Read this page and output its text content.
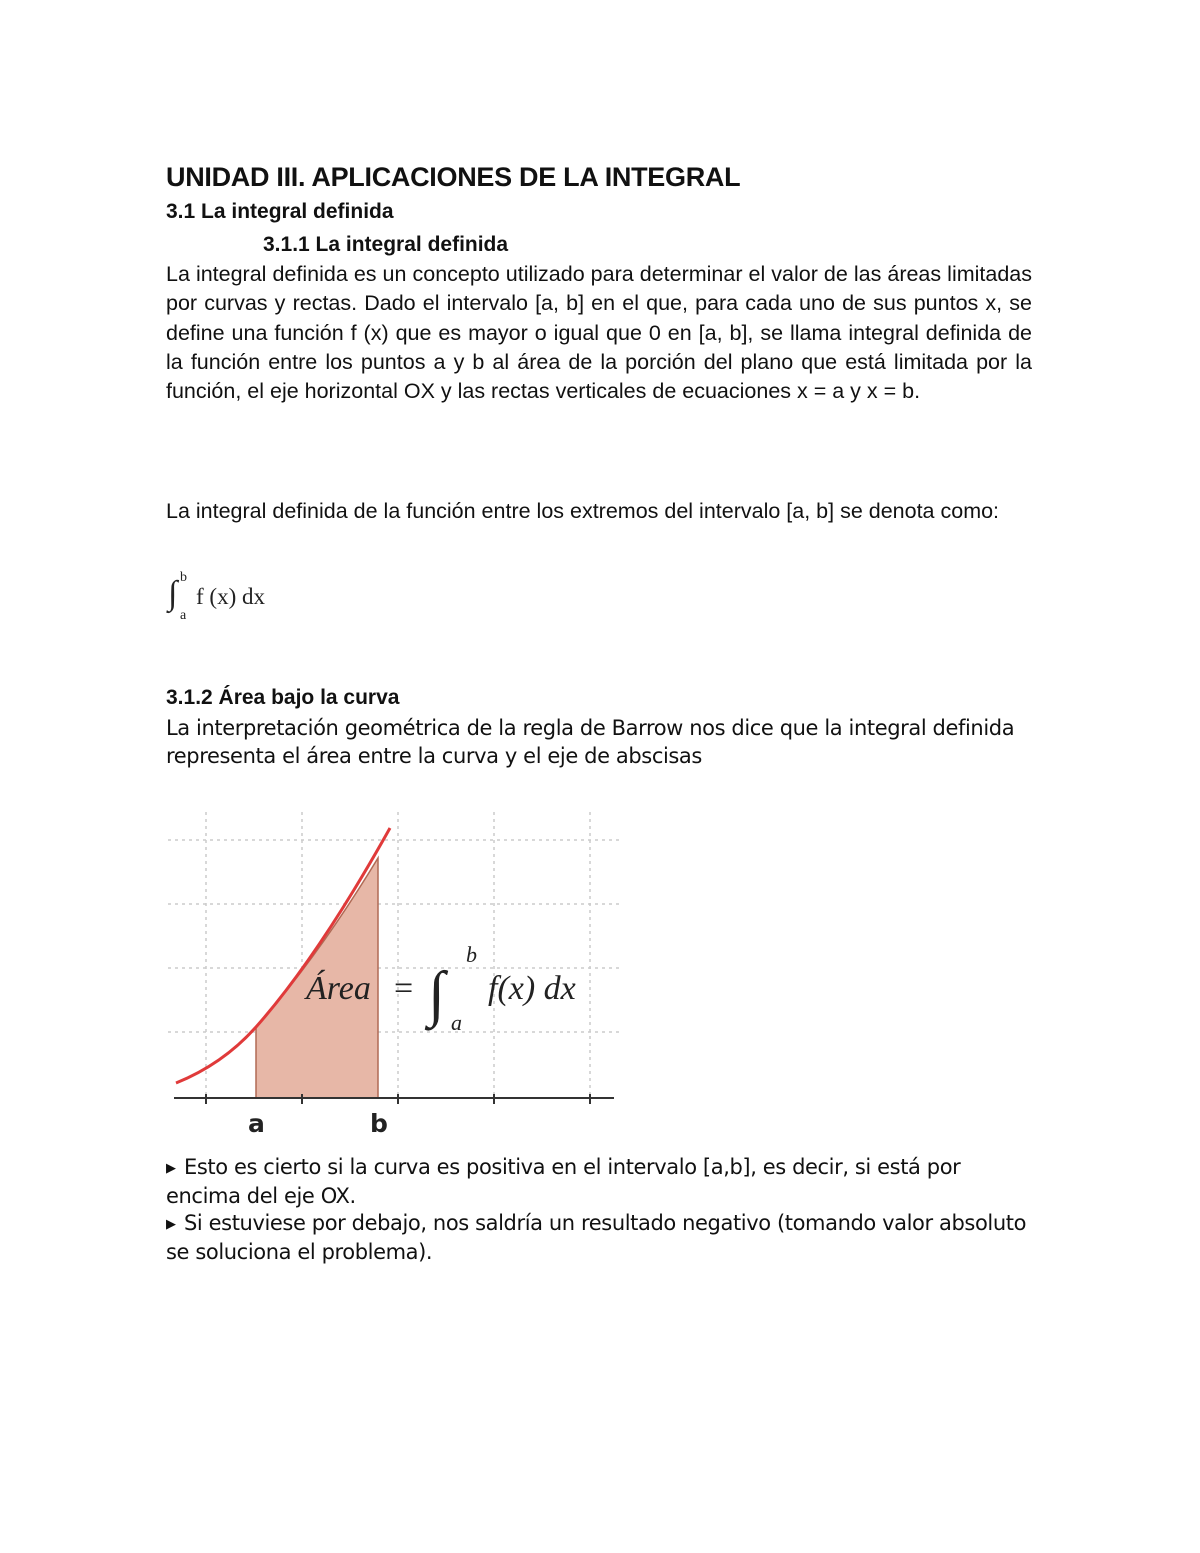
UNIDAD III. APLICACIONES DE LA INTEGRAL
3.1 La integral definida
3.1.1 La integral definida

La integral definida es un concepto utilizado para determinar el valor de las áreas limitadas por curvas y rectas. Dado el intervalo [a, b] en el que, para cada uno de sus puntos x, se define una función f (x) que es mayor o igual que 0 en [a, b], se llama integral definida de la función entre los puntos a y b al área de la porción del plano que está limitada por la función, el eje horizontal OX y las rectas verticales de ecuaciones x = a y x = b.

La integral definida de la función entre los extremos del intervalo [a, b] se denota como:

∫ b
a
f (x) dx
3.1.2 Área bajo la curva

La interpretación geométrica de la regla de Barrow nos dice que la integral definida representa el área entre la curva y el eje de abscisas

Área = ∫
b
a
f(x) dx
a	b
▶ Esto es cierto si la curva es positiva en el intervalo [a,b], es decir, si está por encima del eje OX.
▶ Si estuviese por debajo, nos saldría un resultado negativo (tomando valor absoluto se soluciona el problema).
